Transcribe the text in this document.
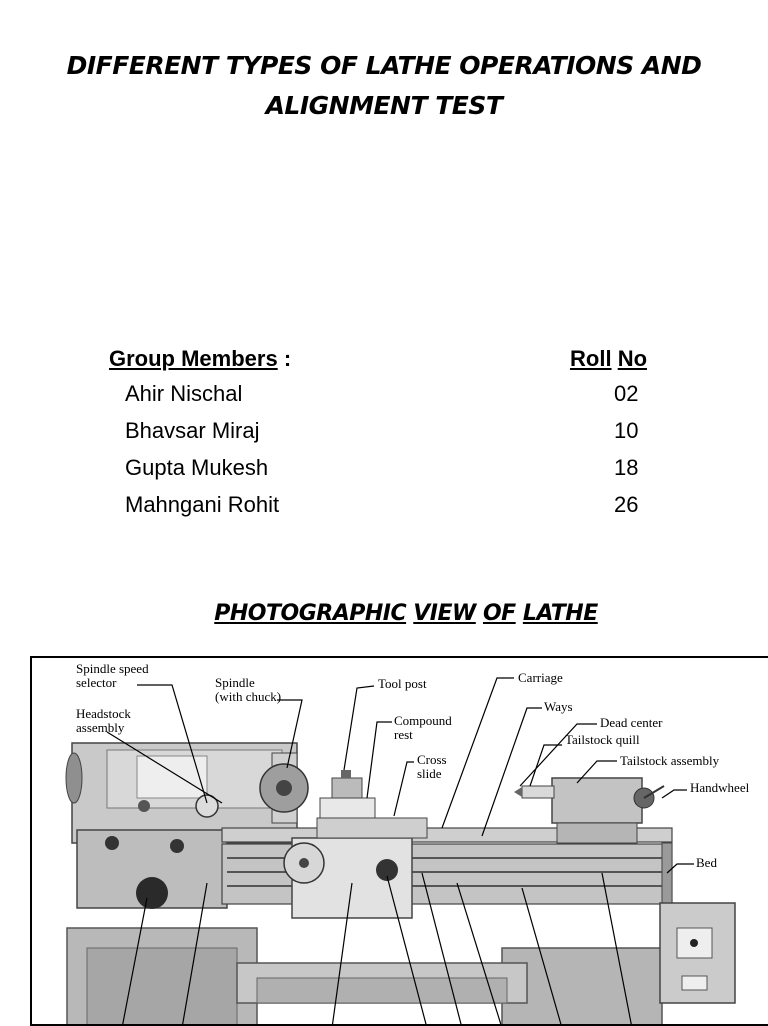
DIFFERENT TYPES OF LATHE OPERATIONS AND
ALIGNMENT TEST
Group Members :	Roll No
Ahir Nischal	02
Bhavsar Miraj	10
Gupta Mukesh	18
Mahngani Rohit	26
PHOTOGRAPHIC VIEW OF LATHE
Spindle speed
selector
Headstock
assembly
Spindle
(with chuck)
Tool post
Compound
rest
Cross
slide
Carriage
Ways
Dead center
Tailstock quill
Tailstock assembly
Handwheel
Bed
